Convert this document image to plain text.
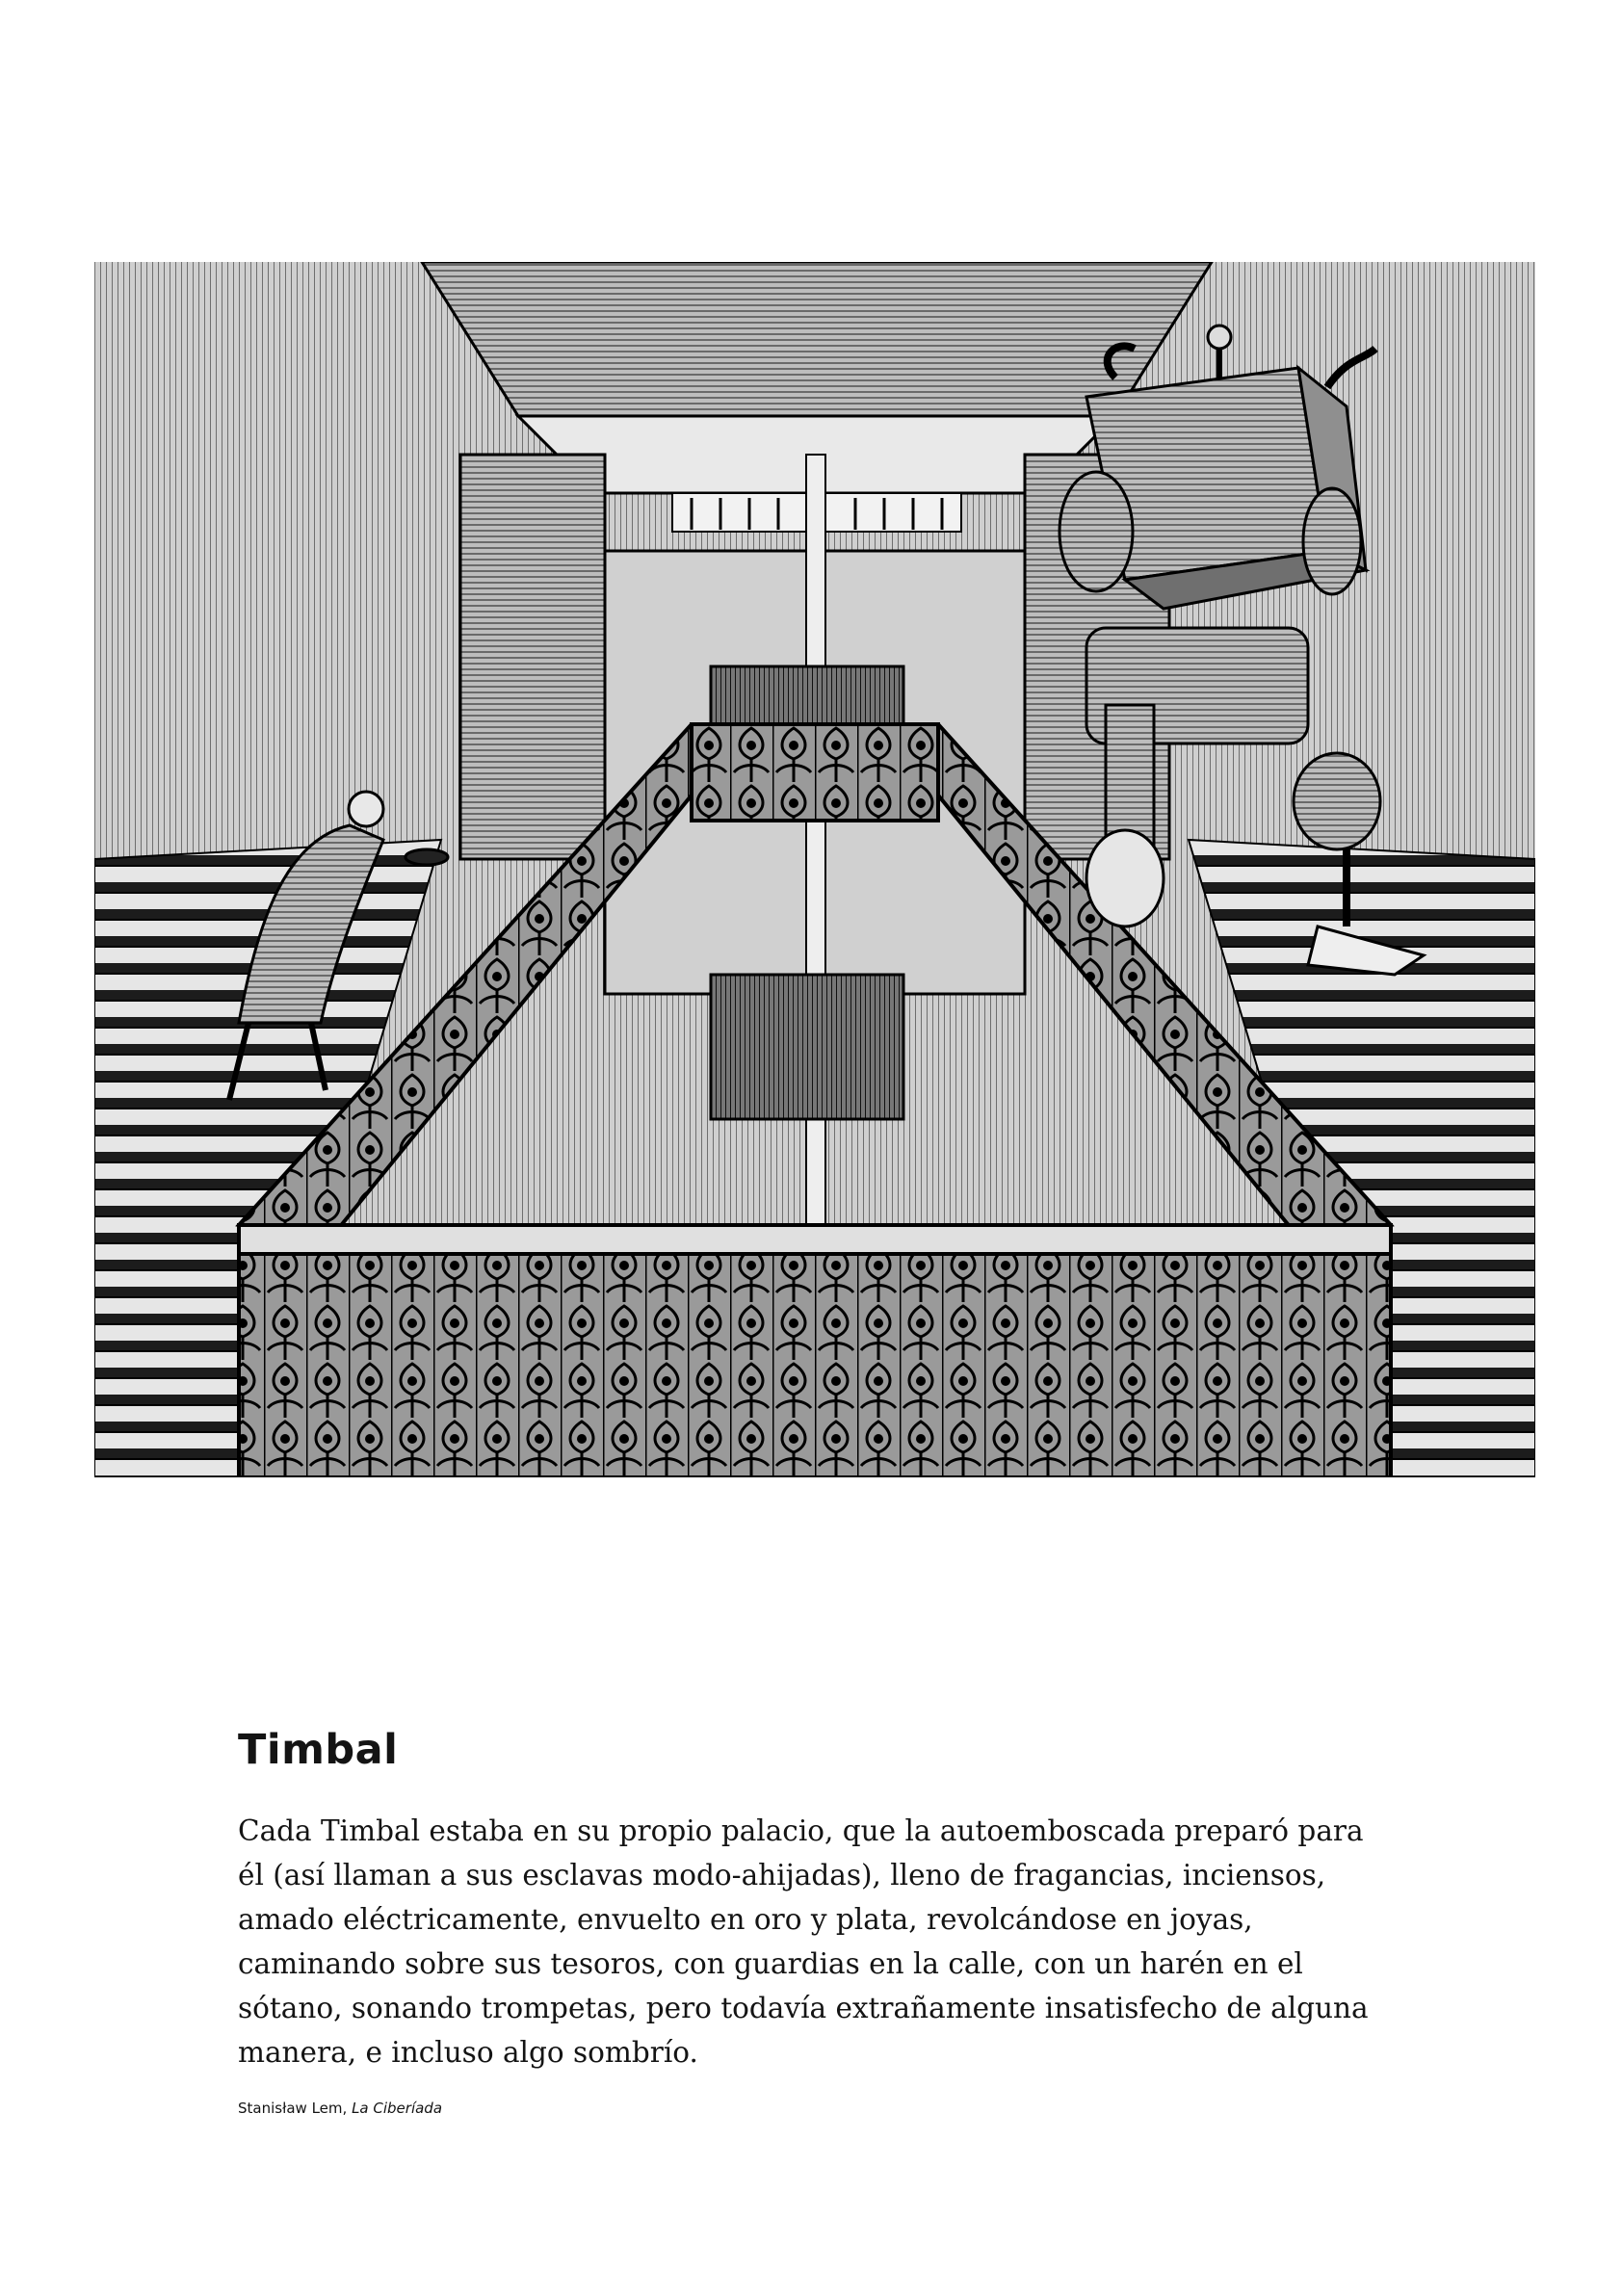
Timbal

Cada Timbal estaba en su propio palacio, que la autoemboscada preparó para él (así llaman a sus esclavas modo-ahijadas), lleno de fragancias, inciensos, amado eléctricamente, envuelto en oro y plata, revolcándose en joyas, caminando sobre sus tesoros, con guardias en la calle, con un harén en el sótano, sonando trompetas, pero todavía extrañamente insatisfecho de alguna manera, e incluso algo sombrío.

Stanisław Lem, La Ciberíada
